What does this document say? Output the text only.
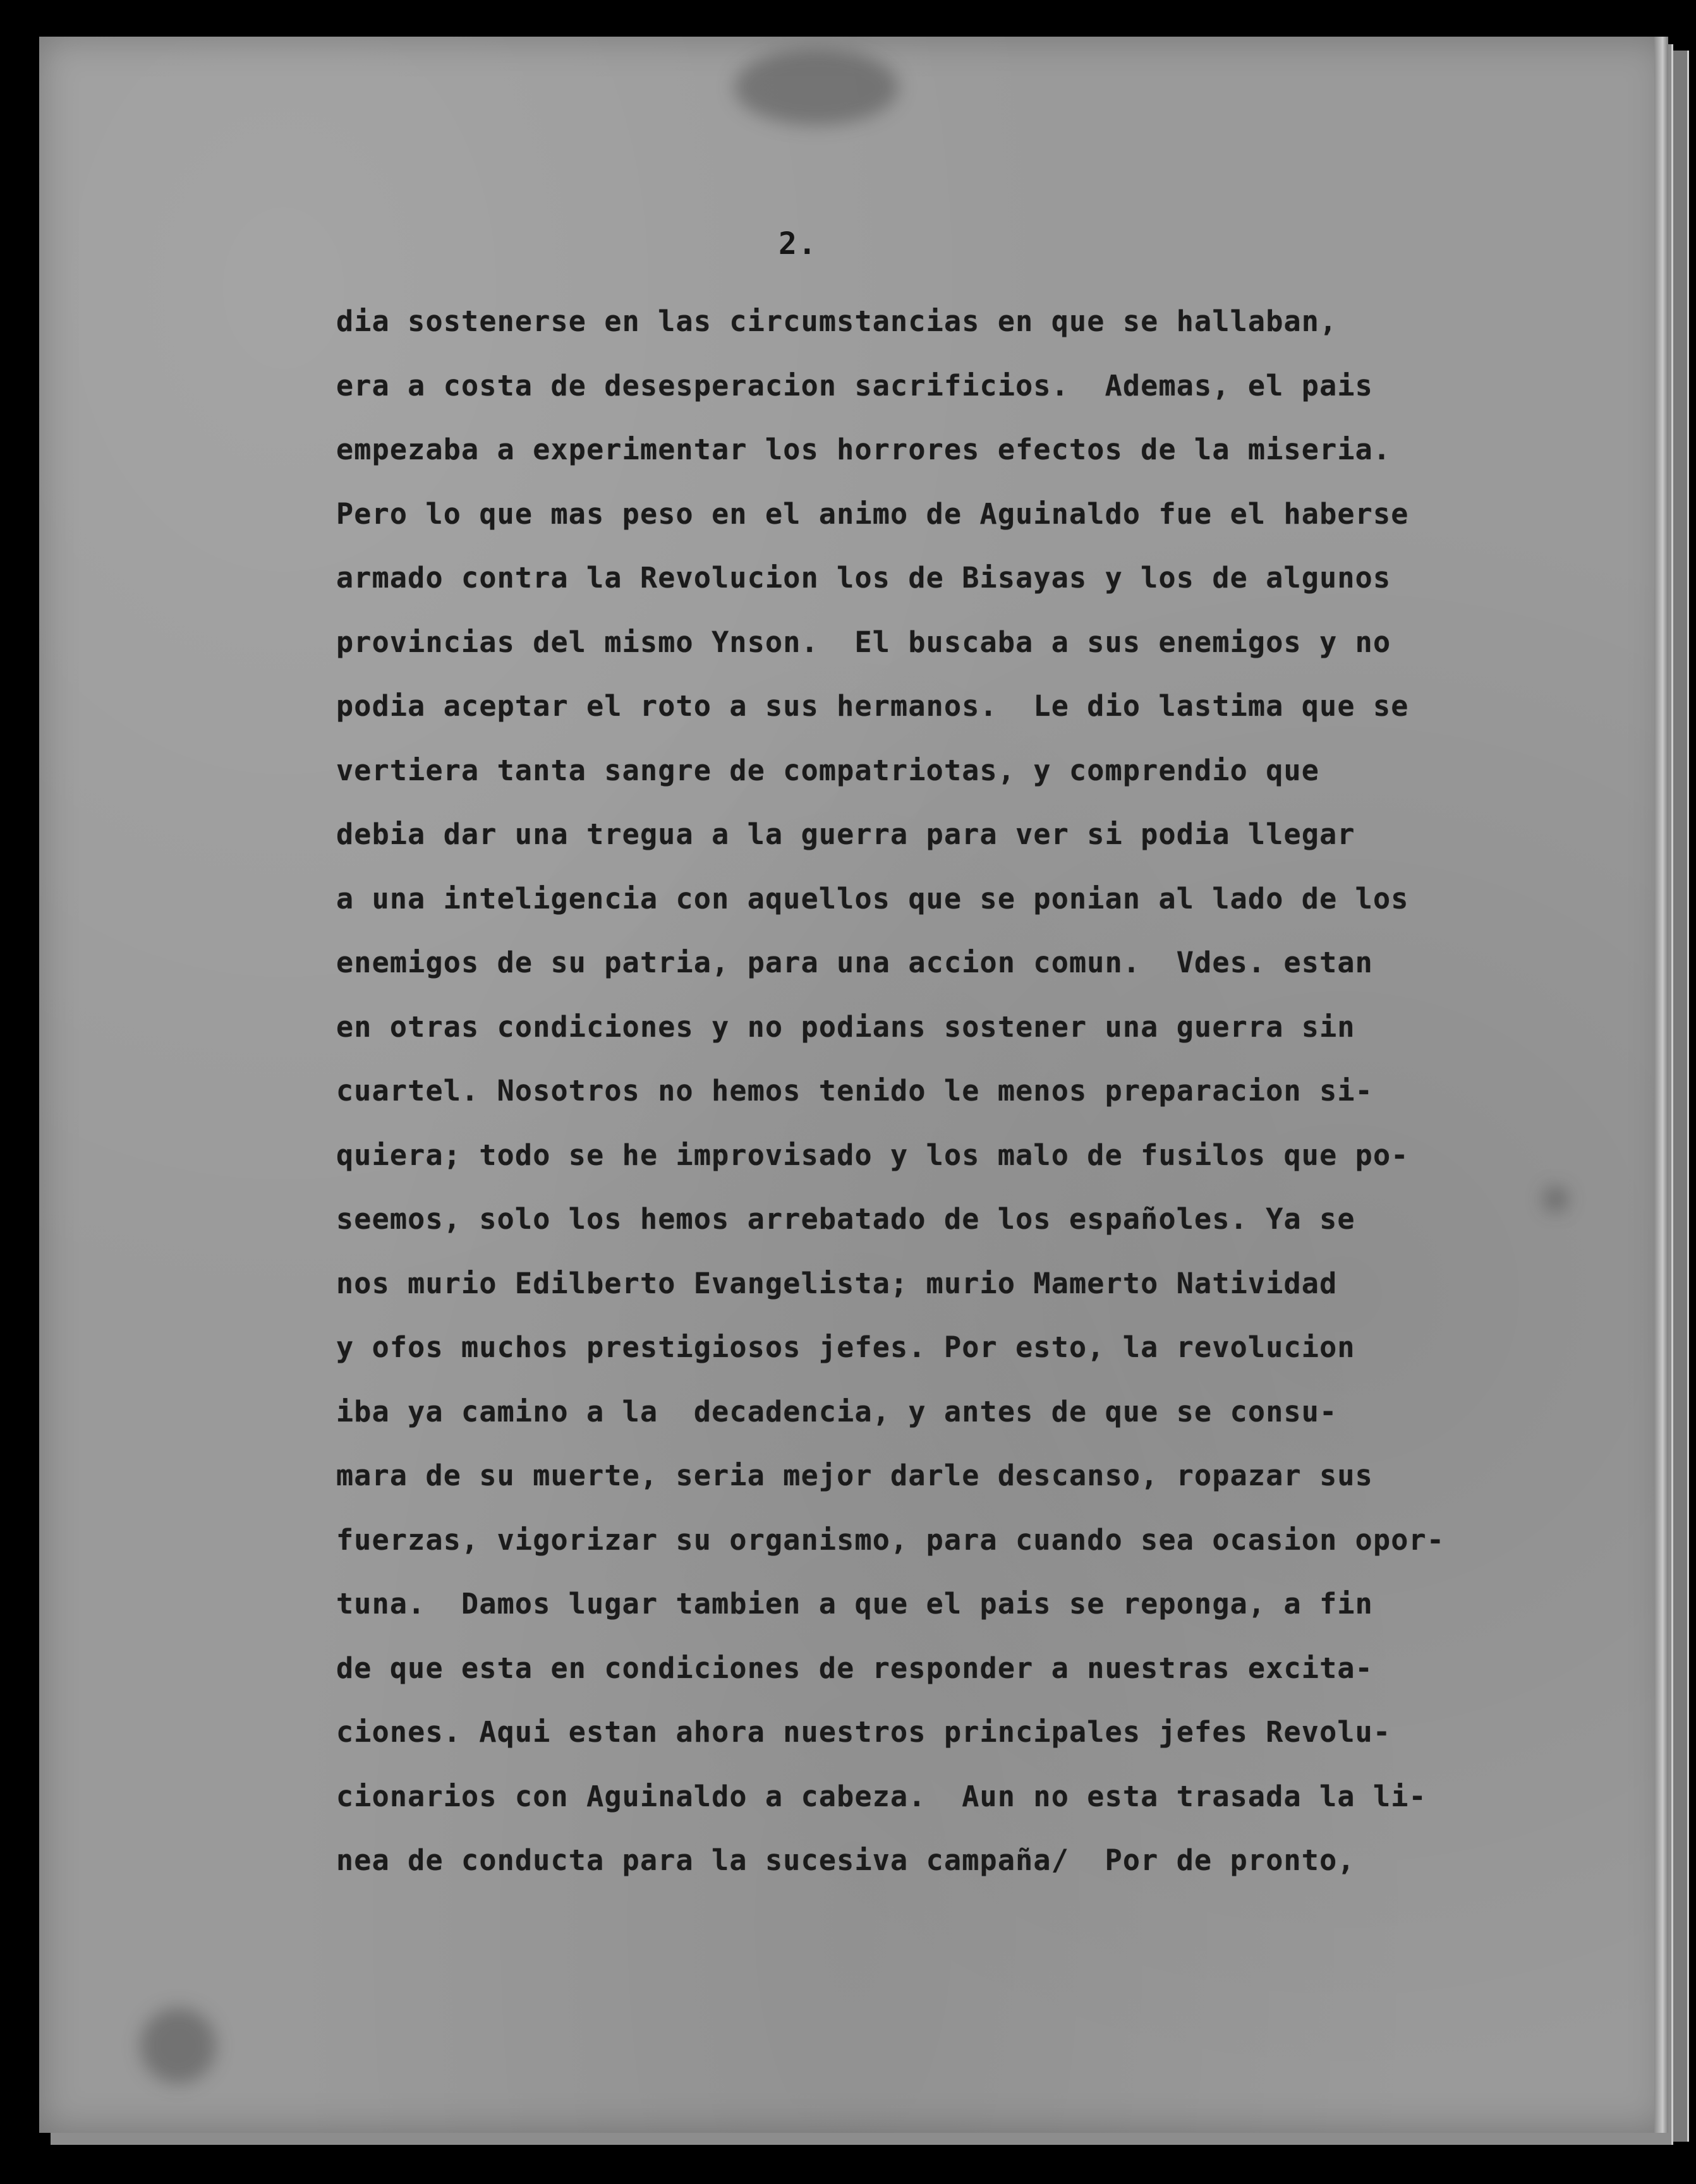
2.
dia sostenerse en las circumstancias en que se hallaban,
era a costa de desesperacion sacrificios.  Ademas, el pais
empezaba a experimentar los horrores efectos de la miseria.
Pero lo que mas peso en el animo de Aguinaldo fue el haberse
armado contra la Revolucion los de Bisayas y los de algunos
provincias del mismo Ynson.  El buscaba a sus enemigos y no
podia aceptar el roto a sus hermanos.  Le dio lastima que se
vertiera tanta sangre de compatriotas, y comprendio que
debia dar una tregua a la guerra para ver si podia llegar
a una inteligencia con aquellos que se ponian al lado de los
enemigos de su patria, para una accion comun.  Vdes. estan
en otras condiciones y no podians sostener una guerra sin
cuartel. Nosotros no hemos tenido le menos preparacion si-
quiera; todo se he improvisado y los malo de fusilos que po-
seemos, solo los hemos arrebatado de los españoles. Ya se
nos murio Edilberto Evangelista; murio Mamerto Natividad
y ofos muchos prestigiosos jefes. Por esto, la revolucion
iba ya camino a la  decadencia, y antes de que se consu-
mara de su muerte, seria mejor darle descanso, ropazar sus
fuerzas, vigorizar su organismo, para cuando sea ocasion opor-
tuna.  Damos lugar tambien a que el pais se reponga, a fin
de que esta en condiciones de responder a nuestras excita-
ciones. Aqui estan ahora nuestros principales jefes Revolu-
cionarios con Aguinaldo a cabeza.  Aun no esta trasada la li-
nea de conducta para la sucesiva campaña/  Por de pronto,
